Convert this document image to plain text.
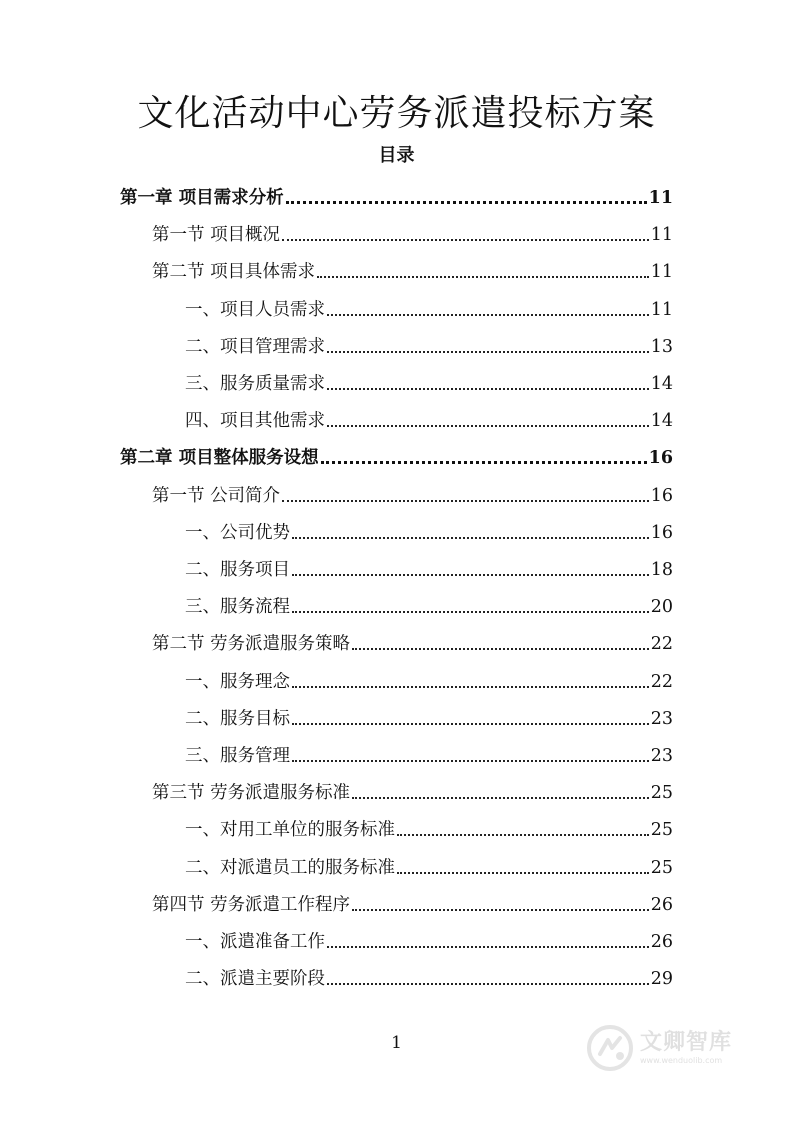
文化活动中心劳务派遣投标方案
目录
第一章 项目需求分析	11
第一节 项目概况	11
第二节 项目具体需求	11
一、项目人员需求	11
二、项目管理需求	13
三、服务质量需求	14
四、项目其他需求	14
第二章 项目整体服务设想	16
第一节 公司简介	16
一、公司优势	16
二、服务项目	18
三、服务流程	20
第二节 劳务派遣服务策略	22
一、服务理念	22
二、服务目标	23
三、服务管理	23
第三节 劳务派遣服务标准	25
一、对用工单位的服务标准	25
二、对派遣员工的服务标准	25
第四节 劳务派遣工作程序	26
一、派遣准备工作	26
二、派遣主要阶段	29
1	文卿智库
www.wenduolib.com
